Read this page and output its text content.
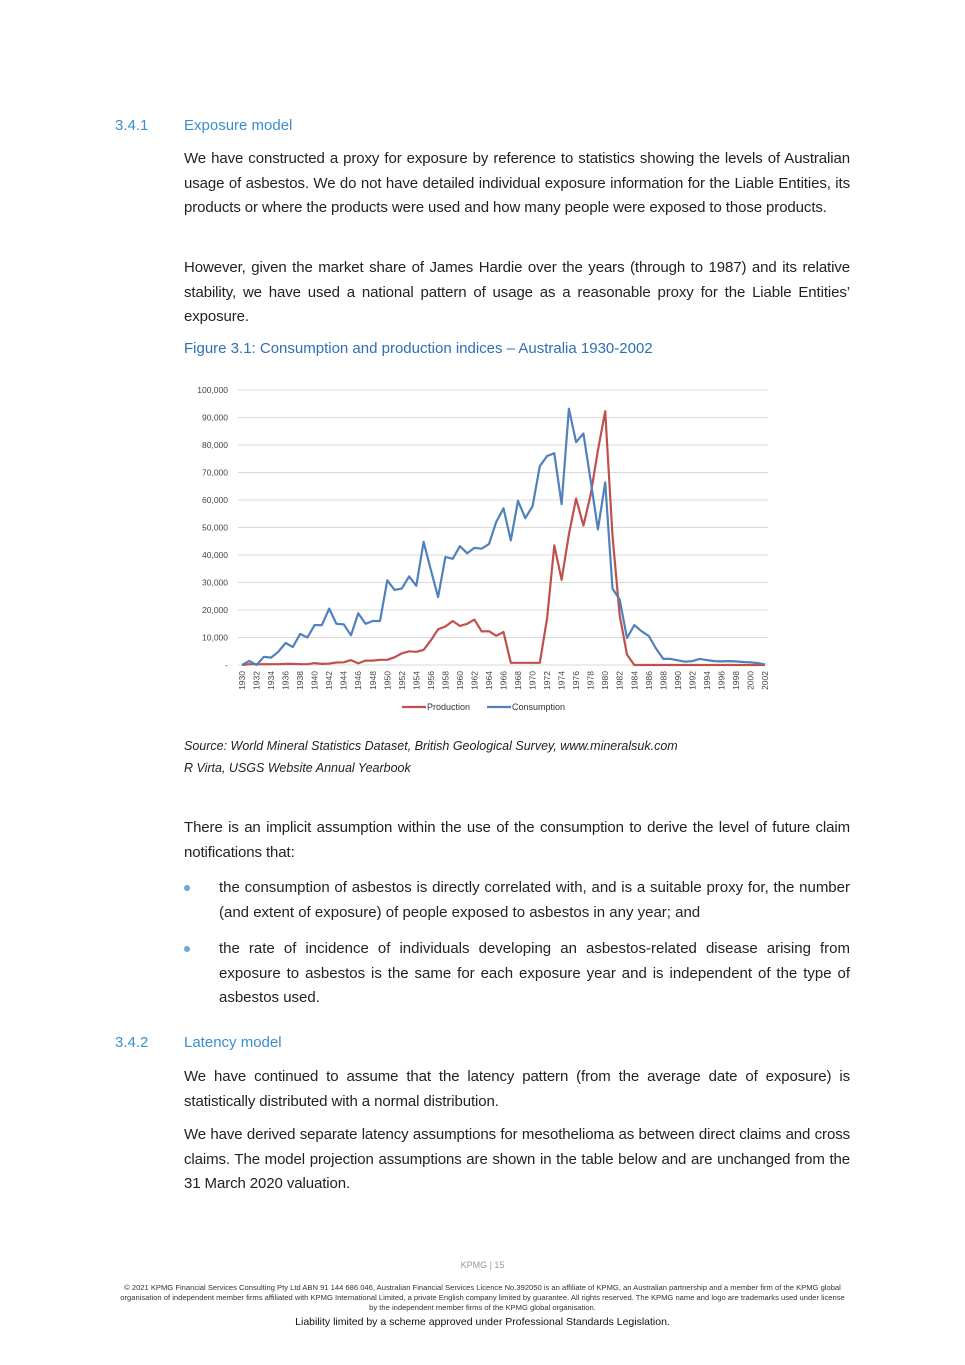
3.4.1	Exposure model

We have constructed a proxy for exposure by reference to statistics showing the levels of Australian usage of asbestos. We do not have detailed individual exposure information for the Liable Entities, its products or where the products were used and how many people were exposed to those products.

However, given the market share of James Hardie over the years (through to 1987) and its relative stability, we have used a national pattern of usage as a reasonable proxy for the Liable Entities’ exposure.

Figure 3.1: Consumption and production indices – Australia 1930-2002
-
10,000
20,000
30,000
40,000
50,000
60,000
70,000
80,000
90,000
100,000
1930 1932 1934 1936 1938 1940 1942 1944 1946 1948 1950 1952 1954 1956 1958 1960 1962 1964 1966 1968 1970 1972 1974 1976 1978 1980 1982 1984 1986 1988 1990 1992 1994 1996 1998 2000 2002
Production	Consumption
Source: World Mineral Statistics Dataset, British Geological Survey, www.mineralsuk.com
R Virta, USGS Website Annual Yearbook

There is an implicit assumption within the use of the consumption to derive the level of future claim notifications that:

the consumption of asbestos is directly correlated with, and is a suitable proxy for, the number (and extent of exposure) of people exposed to asbestos in any year; and
the rate of incidence of individuals developing an asbestos-related disease arising from exposure to asbestos is the same for each exposure year and is independent of the type of asbestos used.
3.4.2	Latency model

We have continued to assume that the latency pattern (from the average date of exposure) is statistically distributed with a normal distribution.

We have derived separate latency assumptions for mesothelioma as between direct claims and cross claims. The model projection assumptions are shown in the table below and are unchanged from the 31 March 2020 valuation.

KPMG | 15
© 2021 KPMG Financial Services Consulting Pty Ltd ABN 91 144 686 046, Australian Financial Services Licence No.392050 is an affiliate of KPMG, an Australian partnership and a member firm of the KPMG global organisation of independent member firms affiliated with KPMG International Limited, a private English company limited by guarantee. All rights reserved. The KPMG name and logo are trademarks used under license by the independent member firms of the KPMG global organisation.
Liability limited by a scheme approved under Professional Standards Legislation.
